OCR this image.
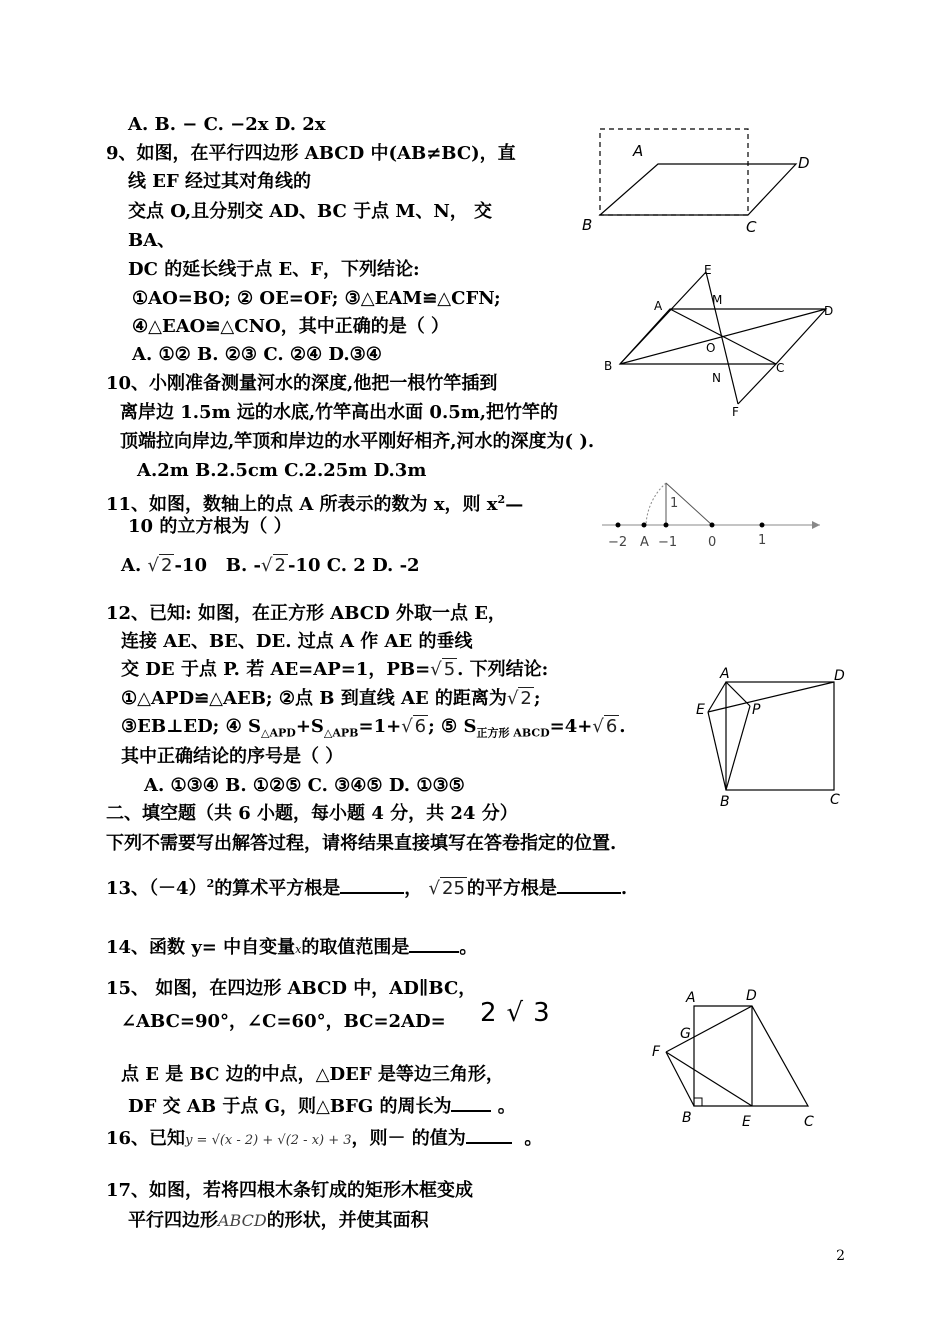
A. B. − C. −2x D. 2x
9、如图，在平行四边形 ABCD 中(AB≠BC)，直
线 EF 经过其对角线的
交点 O,且分别交 AD、BC 于点 M、N， 交
BA、
DC 的延长线于点 E、F，下列结论:
①AO=BO; ② OE=OF; ③△EAM≌△CFN;
④△EAO≌△CNO，其中正确的是（ ）
A. ①② B. ②③ C. ②④ D.③④
10、小刚准备测量河水的深度,他把一根竹竿插到
离岸边 1.5m 远的水底,竹竿高出水面 0.5m,把竹竿的
顶端拉向岸边,竿顶和岸边的水平刚好相齐,河水的深度为( ).
A.2m B.2.5cm C.2.25m D.3m
11、如图，数轴上的点 A 所表示的数为 x，则 $x^2—$
10 的立方根为（ ）
A. √ 2 -10 B. -√ 2 -10 C. 2 D. -2
12、已知: 如图，在正方形 ABCD 外取一点 E，
连接 AE、BE、DE. 过点 A 作 AE 的垂线
交 DE 于点 P. 若 AE=AP=1，PB=√ 5 . 下列结论:
①△APD≌△AEB; ②点 B 到直线 AE 的距离为√ 2 ;
③EB⊥ED; ④ $S_{\triangle APD}+S_{\triangle APB}=1+√$ 6 ; ⑤ $S_{正方形 ABCD}=4+√$ 6 .
其中正确结论的序号是（ ）
A. ①③④ B. ①②⑤ C. ③④⑤ D. ①③⑤
二、填空题（共 6 小题，每小题 4 分，共 24 分）
下列不需要写出解答过程，请将结果直接填写在答卷指定的位置.
13、$(-4)^2$的算术平方根是	， √ 25 的平方根是	.
14、函数 y= 中自变量x的取值范围是	。
15、 如图，在四边形 ABCD 中，AD∥BC，
∠ABC=90°，∠C=60°，BC=2AD= 2√3
点 E 是 BC 边的中点，△DEF 是等边三角形，
DF 交 AB 于点 G，则△BFG 的周长为	。
16、已知y = √(x - 2) + √(2 - x) + 3，则－ 的值为	。
17、如图，若将四根木条钉成的矩形木框变成
平行四边形ABCD的形状，并使其面积
2
A
D
B	C
E
M
A	D
O
B
N
C
F
−2 A −1 0	1
1
A	D
E	P
B	C
A	D
G
F
B	E	C
